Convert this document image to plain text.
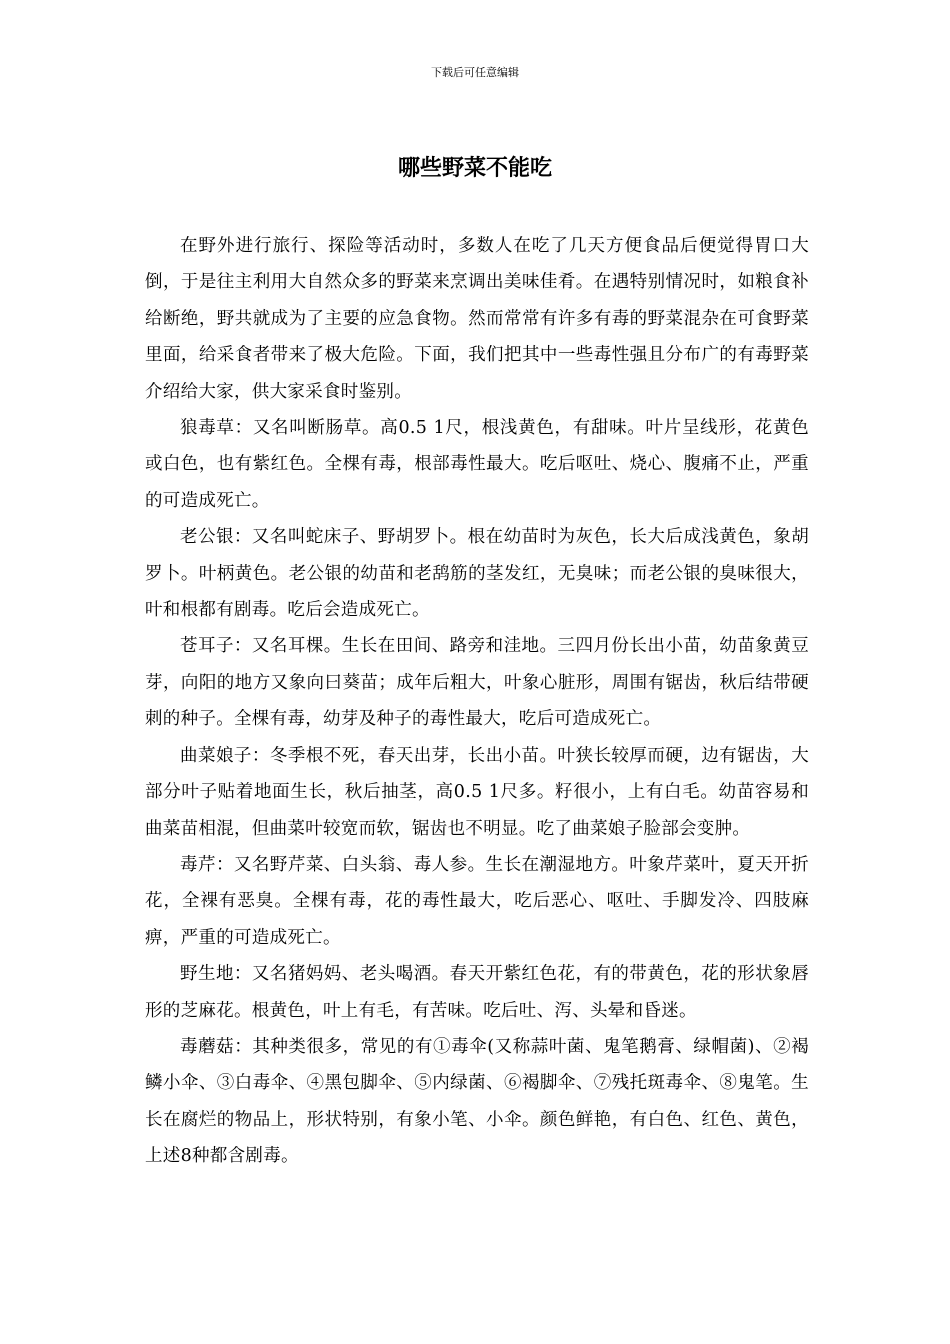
下载后可任意编辑
哪些野菜不能吃

在野外进行旅行、探险等活动时，多数人在吃了几天方便食品后便觉得胃口大倒，于是往主利用大自然众多的野菜来烹调出美味佳肴。在遇特别情况时，如粮食补给断绝，野共就成为了主要的应急食物。然而常常有许多有毒的野菜混杂在可食野菜里面，给采食者带来了极大危险。下面，我们把其中一些毒性强且分布广的有毒野菜介绍给大家，供大家采食时鉴别。

狼毒草：又名叫断肠草。高0.5 1尺，根浅黄色，有甜味。叶片呈线形，花黄色或白色，也有紫红色。全棵有毒，根部毒性最大。吃后呕吐、烧心、腹痛不止，严重的可造成死亡。

老公银：又名叫蛇床子、野胡罗卜。根在幼苗时为灰色，长大后成浅黄色，象胡罗卜。叶柄黄色。老公银的幼苗和老鸹筋的茎发红，无臭味；而老公银的臭味很大，叶和根都有剧毒。吃后会造成死亡。

苍耳子：又名耳棵。生长在田间、路旁和洼地。三四月份长出小苗，幼苗象黄豆芽，向阳的地方又象向曰葵苗；成年后粗大，叶象心脏形，周围有锯齿，秋后结带硬刺的种子。全棵有毒，幼芽及种子的毒性最大，吃后可造成死亡。

曲菜娘子：冬季根不死，春天出芽，长出小苗。叶狭长较厚而硬，边有锯齿，大部分叶子贴着地面生长，秋后抽茎，高0.5 1尺多。籽很小，上有白毛。幼苗容易和曲菜苗相混，但曲菜叶较宽而软，锯齿也不明显。吃了曲菜娘子脸部会变肿。

毒芹：又名野芹菜、白头翁、毒人参。生长在潮湿地方。叶象芹菜叶，夏天开折花，全裸有恶臭。全棵有毒，花的毒性最大，吃后恶心、呕吐、手脚发冷、四肢麻痹，严重的可造成死亡。

野生地：又名猪妈妈、老头喝酒。春天开紫红色花，有的带黄色，花的形状象唇形的芝麻花。根黄色，叶上有毛，有苦味。吃后吐、泻、头晕和昏迷。

毒蘑菇：其种类很多，常见的有①毒伞(又称蒜叶菌、鬼笔鹅膏、绿帽菌)、②褐鳞小伞、③白毒伞、④黑包脚伞、⑤内绿菌、⑥褐脚伞、⑦残托斑毒伞、⑧鬼笔。生长在腐烂的物品上，形状特别，有象小笔、小伞。颜色鲜艳，有白色、红色、黄色，上述8种都含剧毒。
